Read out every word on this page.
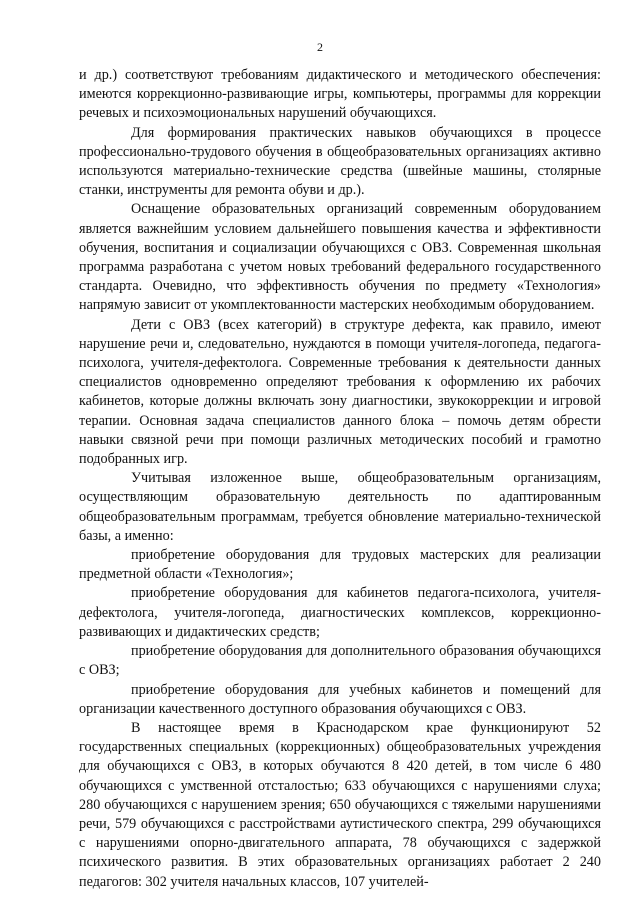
2

и др.) соответствуют требованиям дидактического и методического обеспечения: имеются коррекционно-развивающие игры, компьютеры, программы для коррекции речевых и психоэмоциональных нарушений обучающихся.

Для формирования практических навыков обучающихся в процессе профессионально-трудового обучения в общеобразовательных организациях активно используются материально-технические средства (швейные машины, столярные станки, инструменты для ремонта обуви и др.).

Оснащение образовательных организаций современным оборудованием является важнейшим условием дальнейшего повышения качества и эффективности обучения, воспитания и социализации обучающихся с ОВЗ. Современная школьная программа разработана с учетом новых требований федерального государственного стандарта. Очевидно, что эффективность обучения по предмету «Технология» напрямую зависит от укомплектованности мастерских необходимым оборудованием.

Дети с ОВЗ (всех категорий) в структуре дефекта, как правило, имеют нарушение речи и, следовательно, нуждаются в помощи учителя-логопеда, педагога-психолога, учителя-дефектолога. Современные требования к деятельности данных специалистов одновременно определяют требования к оформлению их рабочих кабинетов, которые должны включать зону диагностики, звукокоррекции и игровой терапии. Основная задача специалистов данного блока – помочь детям обрести навыки связной речи при помощи различных методических пособий и грамотно подобранных игр.

Учитывая изложенное выше, общеобразовательным организациям, осуществляющим образовательную деятельность по адаптированным общеобразовательным программам, требуется обновление материально-технической базы, а именно:

приобретение оборудования для трудовых мастерских для реализации предметной области «Технология»;

приобретение оборудования для кабинетов педагога-психолога, учителя-дефектолога, учителя-логопеда, диагностических комплексов, коррекционно-развивающих и дидактических средств;

приобретение оборудования для дополнительного образования обучающихся с ОВЗ;

приобретение оборудования для учебных кабинетов и помещений для организации качественного доступного образования обучающихся с ОВЗ.

В настоящее время в Краснодарском крае функционируют 52 государственных специальных (коррекционных) общеобразовательных учреждения для обучающихся с ОВЗ, в которых обучаются 8 420 детей, в том числе 6 480 обучающихся с умственной отсталостью; 633 обучающихся с нарушениями слуха; 280 обучающихся с нарушением зрения; 650 обучающихся с тяжелыми нарушениями речи, 579 обучающихся с расстройствами аутистического спектра, 299 обучающихся с нарушениями опорно-двигательного аппарата, 78 обучающихся с задержкой психического развития. В этих образовательных организациях работает 2 240 педагогов: 302 учителя начальных классов, 107 учителей-
